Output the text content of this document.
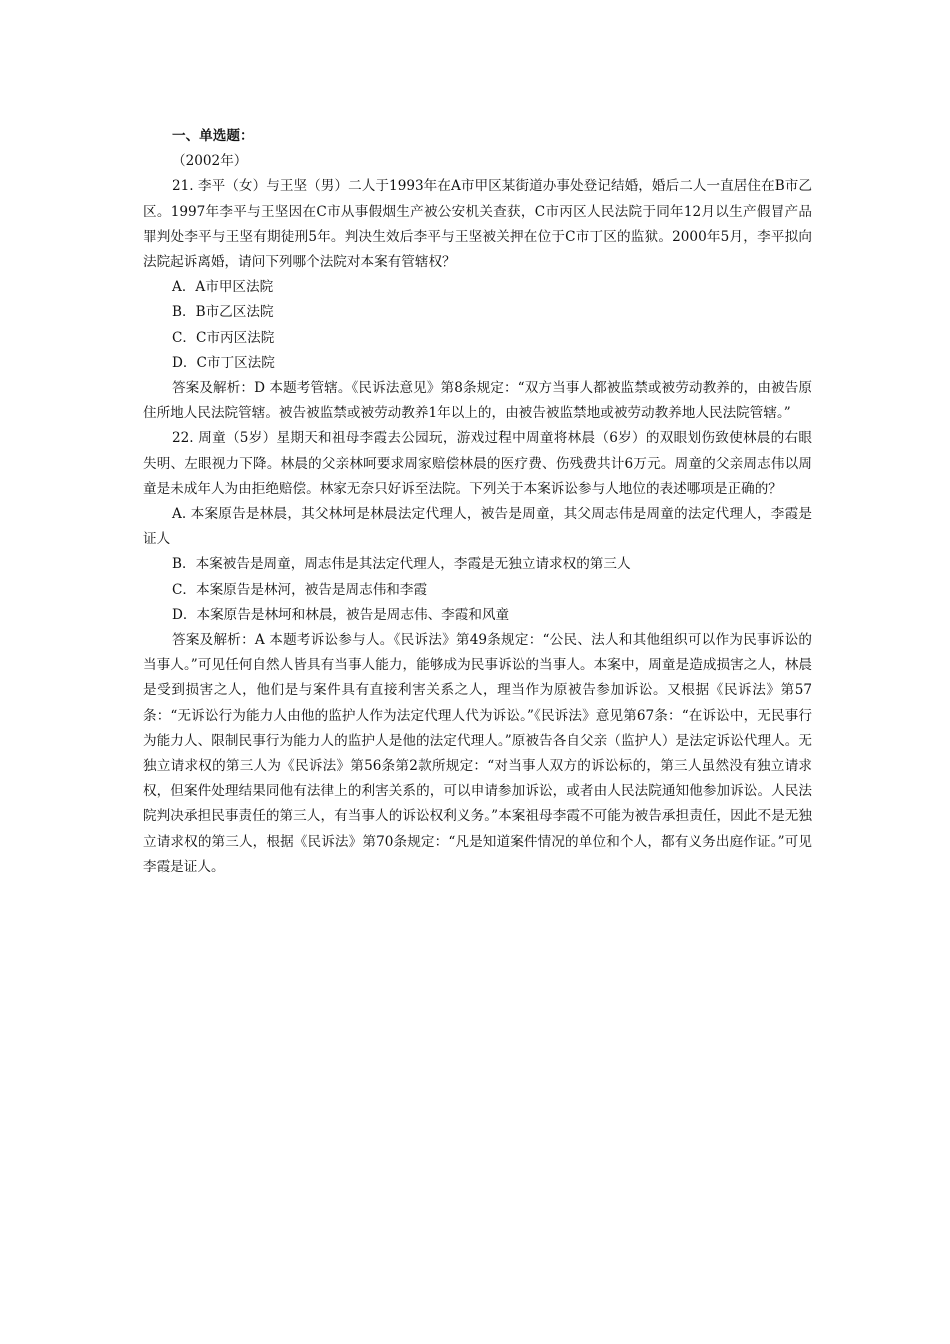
一、单选题：

（2002年）

21. 李平（女）与王坚（男）二人于1993年在A市甲区某街道办事处登记结婚，婚后二人一直居住在B市乙区。1997年李平与王坚因在C市从事假烟生产被公安机关查获，C市丙区人民法院于同年12月以生产假冒产品罪判处李平与王坚有期徒刑5年。判决生效后李平与王坚被关押在位于C市丁区的监狱。2000年5月，李平拟向法院起诉离婚，请问下列哪个法院对本案有管辖权？

A．A市甲区法院

B．B市乙区法院

C．C市丙区法院

D．C市丁区法院

答案及解析：D 本题考管辖。《民诉法意见》第8条规定：“双方当事人都被监禁或被劳动教养的，由被告原住所地人民法院管辖。被告被监禁或被劳动教养1年以上的，由被告被监禁地或被劳动教养地人民法院管辖。”

22. 周童（5岁）星期天和祖母李霞去公园玩，游戏过程中周童将林晨（6岁）的双眼划伤致使林晨的右眼失明、左眼视力下降。林晨的父亲林呵要求周家赔偿林晨的医疗费、伤残费共计6万元。周童的父亲周志伟以周童是未成年人为由拒绝赔偿。林家无奈只好诉至法院。下列关于本案诉讼参与人地位的表述哪项是正确的？

A. 本案原告是林晨，其父林坷是林晨法定代理人，被告是周童，其父周志伟是周童的法定代理人，李霞是证人

B．本案被告是周童，周志伟是其法定代理人，李霞是无独立请求权的第三人

C．本案原告是林河，被告是周志伟和李霞

D．本案原告是林坷和林晨，被告是周志伟、李霞和风童

答案及解析：A 本题考诉讼参与人。《民诉法》第49条规定：“公民、法人和其他组织可以作为民事诉讼的当事人。”可见任何自然人皆具有当事人能力，能够成为民事诉讼的当事人。本案中，周童是造成损害之人，林晨是受到损害之人，他们是与案件具有直接利害关系之人，理当作为原被告参加诉讼。又根据《民诉法》第57条：“无诉讼行为能力人由他的监护人作为法定代理人代为诉讼。”《民诉法》意见第67条：“在诉讼中，无民事行为能力人、限制民事行为能力人的监护人是他的法定代理人。”原被告各自父亲（监护人）是法定诉讼代理人。无独立请求权的第三人为《民诉法》第56条第2款所规定：“对当事人双方的诉讼标的，第三人虽然没有独立请求权，但案件处理结果同他有法律上的利害关系的，可以申请参加诉讼，或者由人民法院通知他参加诉讼。人民法院判决承担民事责任的第三人，有当事人的诉讼权利义务。”本案祖母李霞不可能为被告承担责任，因此不是无独立请求权的第三人，根据《民诉法》第70条规定：“凡是知道案件情况的单位和个人，都有义务出庭作证。”可见李霞是证人。
